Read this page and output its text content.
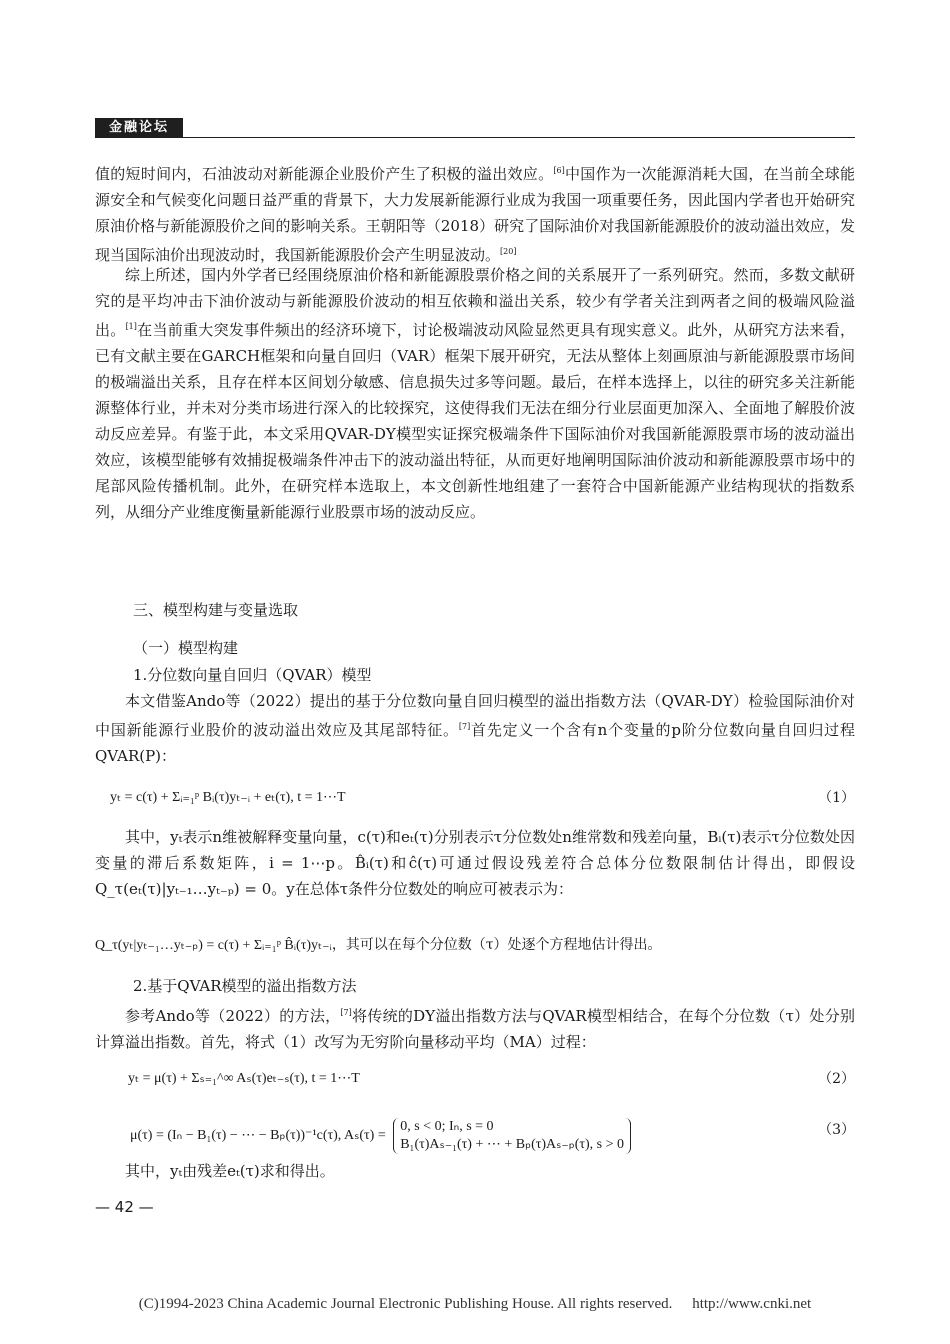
金融论坛

值的短时间内，石油波动对新能源企业股价产生了积极的溢出效应。[6]中国作为一次能源消耗大国，在当前全球能源安全和气候变化问题日益严重的背景下，大力发展新能源行业成为我国一项重要任务，因此国内学者也开始研究原油价格与新能源股价之间的影响关系。王朝阳等（2018）研究了国际油价对我国新能源股价的波动溢出效应，发现当国际油价出现波动时，我国新能源股价会产生明显波动。[20]

综上所述，国内外学者已经围绕原油价格和新能源股票价格之间的关系展开了一系列研究。然而，多数文献研究的是平均冲击下油价波动与新能源股价波动的相互依赖和溢出关系，较少有学者关注到两者之间的极端风险溢出。[1]在当前重大突发事件频出的经济环境下，讨论极端波动风险显然更具有现实意义。此外，从研究方法来看，已有文献主要在GARCH框架和向量自回归（VAR）框架下展开研究，无法从整体上刻画原油与新能源股票市场间的极端溢出关系，且存在样本区间划分敏感、信息损失过多等问题。最后，在样本选择上，以往的研究多关注新能源整体行业，并未对分类市场进行深入的比较探究，这使得我们无法在细分行业层面更加深入、全面地了解股价波动反应差异。有鉴于此，本文采用QVAR-DY模型实证探究极端条件下国际油价对我国新能源股票市场的波动溢出效应，该模型能够有效捕捉极端条件冲击下的波动溢出特征，从而更好地阐明国际油价波动和新能源股票市场中的尾部风险传播机制。此外，在研究样本选取上，本文创新性地组建了一套符合中国新能源产业结构现状的指数系列，从细分产业维度衡量新能源行业股票市场的波动反应。

三、模型构建与变量选取
（一）模型构建
1.分位数向量自回归（QVAR）模型

本文借鉴Ando等（2022）提出的基于分位数向量自回归模型的溢出指数方法（QVAR-DY）检验国际油价对中国新能源行业股价的波动溢出效应及其尾部特征。[7]首先定义一个含有n个变量的p阶分位数向量自回归过程QVAR(P)：

yₜ = c(τ) + Σᵢ₌₁ᵖ Bᵢ(τ)yₜ₋ᵢ + eₜ(τ), t = 1⋯T	（1）

其中，yₜ表示n维被解释变量向量，c(τ)和eₜ(τ)分别表示τ分位数处n维常数和残差向量，Bᵢ(τ)表示τ分位数处因变量的滞后系数矩阵，i = 1⋯p。B̂ᵢ(τ)和ĉ(τ)可通过假设残差符合总体分位数限制估计得出，即假设Q_τ(eₜ(τ)|yₜ₋₁…yₜ₋ₚ) = 0。y在总体τ条件分位数处的响应可被表示为：

Q_τ(yₜ|yₜ₋₁…yₜ₋ₚ) = c(τ) + Σᵢ₌₁ᵖ B̂ᵢ(τ)yₜ₋ᵢ，其可以在每个分位数（τ）处逐个方程地估计得出。
2.基于QVAR模型的溢出指数方法

参考Ando等（2022）的方法，[7]将传统的DY溢出指数方法与QVAR模型相结合，在每个分位数（τ）处分别计算溢出指数。首先，将式（1）改写为无穷阶向量移动平均（MA）过程：

yₜ = μ(τ) + Σₛ₌₁^∞ Aₛ(τ)eₜ₋ₛ(τ), t = 1⋯T	（2）
μ(τ) = (Iₙ − B₁(τ) − ⋯ − Bₚ(τ))⁻¹c(τ), Aₛ(τ) =
0, s < 0; Iₙ, s = 0
B₁(τ)Aₛ₋₁(τ) + ⋯ + Bₚ(τ)Aₛ₋ₚ(τ), s > 0
（3）

其中，yₜ由残差eₜ(τ)求和得出。

— 42 —
(C)1994-2023 China Academic Journal Electronic Publishing House. All rights reserved. http://www.cnki.net
